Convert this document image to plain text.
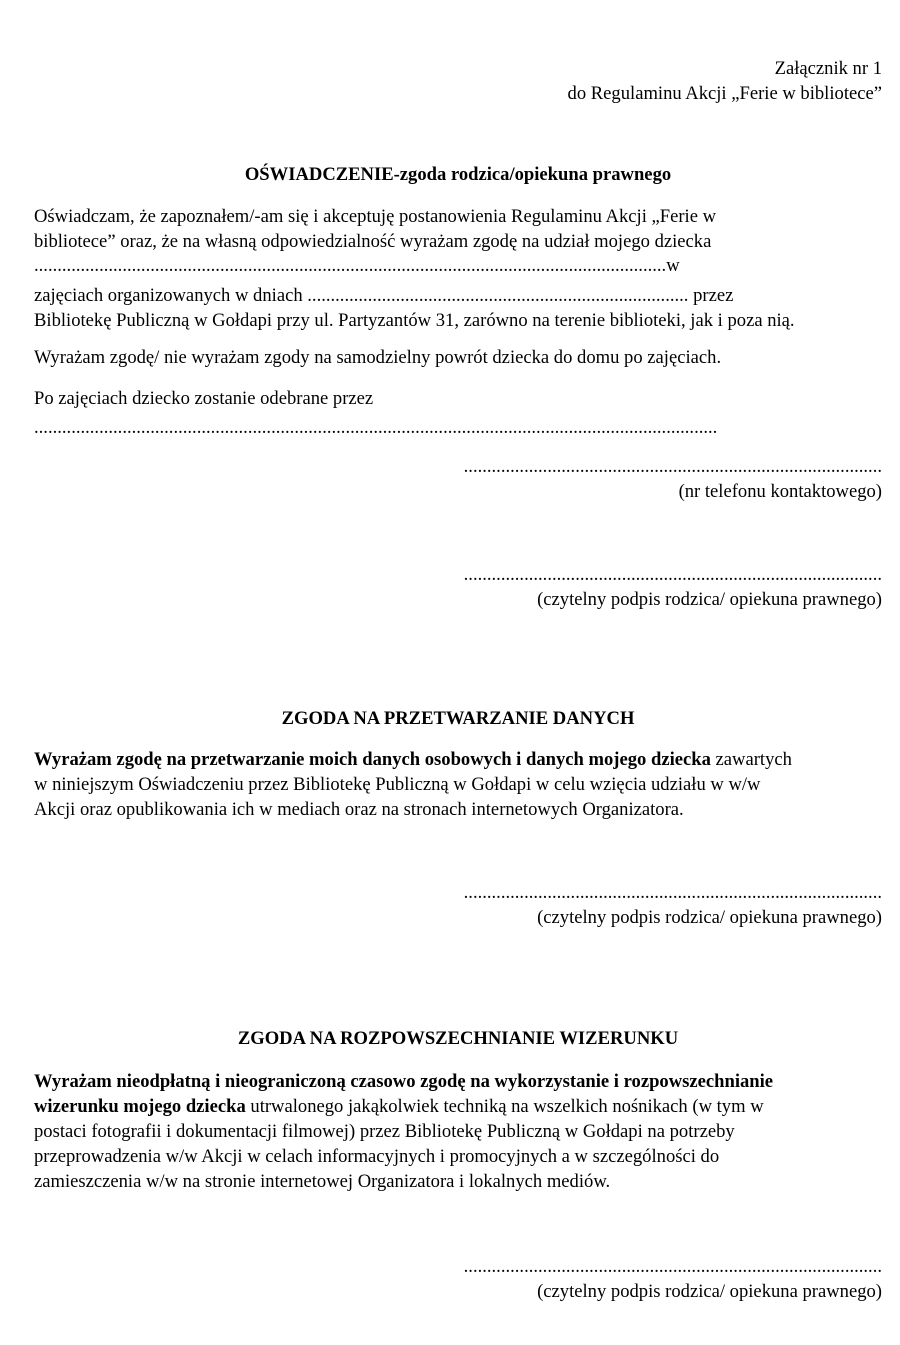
Załącznik nr 1
do Regulaminu Akcji „Ferie w bibliotece”
OŚWIADCZENIE-zgoda rodzica/opiekuna prawnego
Oświadczam, że zapoznałem/-am się i akceptuję postanowienia Regulaminu Akcji „Ferie w
bibliotece” oraz, że na własną odpowiedzialność wyrażam zgodę na udział mojego dziecka
........................................................................................................................................w
zajęciach organizowanych w dniach .................................................................................. przez
Bibliotekę Publiczną w Gołdapi przy ul. Partyzantów 31, zarówno na terenie biblioteki, jak i poza nią.
Wyrażam zgodę/ nie wyrażam zgody na samodzielny powrót dziecka do domu po zajęciach.
Po zajęciach dziecko zostanie odebrane przez
...................................................................................................................................................
..........................................................................................
(nr telefonu kontaktowego)
..........................................................................................
(czytelny podpis rodzica/ opiekuna prawnego)
ZGODA NA PRZETWARZANIE DANYCH
Wyrażam zgodę na przetwarzanie moich danych osobowych i danych mojego dziecka zawartych
w niniejszym Oświadczeniu przez Bibliotekę Publiczną w Gołdapi w celu wzięcia udziału w w/w
Akcji oraz opublikowania ich w mediach oraz na stronach internetowych Organizatora.
..........................................................................................
(czytelny podpis rodzica/ opiekuna prawnego)
ZGODA NA ROZPOWSZECHNIANIE WIZERUNKU
Wyrażam nieodpłatną i nieograniczoną czasowo zgodę na wykorzystanie i rozpowszechnianie
wizerunku mojego dziecka utrwalonego jakąkolwiek techniką na wszelkich nośnikach (w tym w
postaci fotografii i dokumentacji filmowej) przez Bibliotekę Publiczną w Gołdapi na potrzeby
przeprowadzenia w/w Akcji w celach informacyjnych i promocyjnych a w szczególności do
zamieszczenia w/w na stronie internetowej Organizatora i lokalnych mediów.
..........................................................................................
(czytelny podpis rodzica/ opiekuna prawnego)
